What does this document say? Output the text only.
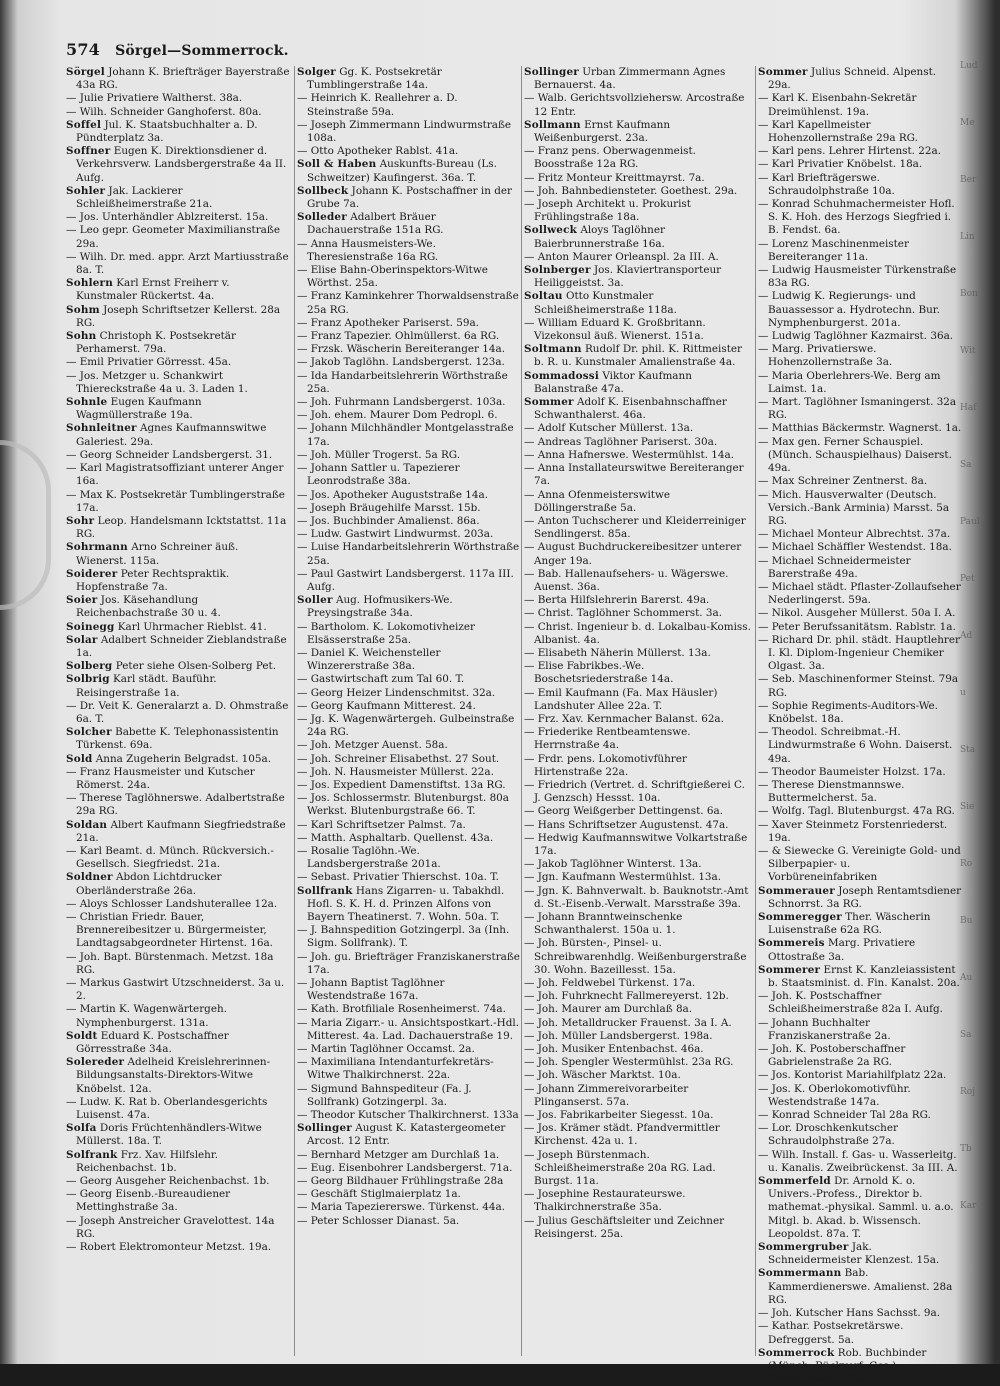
574 Sörgel—Sommerrock.

Sörgel Johann K. Briefträger Bayerstraße 43a RG.

— Julie Privatiere Waltherst. 38a.

— Wilh. Schneider Ganghoferst. 80a.

Soffel Jul. K. Staatsbuchhalter a. D. Pündterplatz 3a.

Soffner Eugen K. Direktionsdiener d. Verkehrsverw. Landsbergerstraße 4a II. Aufg.

Sohler Jak. Lackierer Schleißheimerstraße 21a.

— Jos. Unterhändler Ablzreiterst. 15a.

— Leo gepr. Geometer Maximilianstraße 29a.

— Wilh. Dr. med. appr. Arzt Martiusstraße 8a. T.

Sohlern Karl Ernst Freiherr v. Kunstmaler Rückertst. 4a.

Sohm Joseph Schriftsetzer Kellerst. 28a RG.

Sohn Christoph K. Postsekretär Perhamerst. 79a.

— Emil Privatier Görresst. 45a.

— Jos. Metzger u. Schankwirt Thiereckstraße 4a u. 3. Laden 1.

Sohnle Eugen Kaufmann Wagmüllerstraße 19a.

Sohnleitner Agnes Kaufmannswitwe Galeriest. 29a.

— Georg Schneider Landsbergerst. 31.

— Karl Magistratsoffiziant unterer Anger 16a.

— Max K. Postsekretär Tumblingerstraße 17a.

Sohr Leop. Handelsmann Icktstattst. 11a RG.

Sohrmann Arno Schreiner äuß. Wienerst. 115a.

Soiderer Peter Rechtspraktik. Hopfenstraße 7a.

Soier Jos. Käsehandlung Reichenbachstraße 30 u. 4.

Soinegg Karl Uhrmacher Rieblst. 41.

Solar Adalbert Schneider Zieblandstraße 1a.

Solberg Peter siehe Olsen-Solberg Pet.

Solbrig Karl städt. Bauführ. Reisingerstraße 1a.

— Dr. Veit K. Generalarzt a. D. Ohmstraße 6a. T.

Solcher Babette K. Telephonassistentin Türkenst. 69a.

Sold Anna Zugeherin Belgradst. 105a.

— Franz Hausmeister und Kutscher Römerst. 24a.

— Therese Taglöhnerswe. Adalbertstraße 29a RG.

Soldan Albert Kaufmann Siegfriedstraße 21a.

— Karl Beamt. d. Münch. Rückversich.-Gesellsch. Siegfriedst. 21a.

Soldner Abdon Lichtdrucker Oberländerstraße 26a.

— Aloys Schlosser Landshuterallee 12a.

— Christian Friedr. Bauer, Brennereibesitzer u. Bürgermeister, Landtagsabgeordneter Hirtenst. 16a.

— Joh. Bapt. Bürstenmach. Metzst. 18a RG.

— Markus Gastwirt Utzschneiderst. 3a u. 2.

— Martin K. Wagenwärtergeh. Nymphenburgerst. 131a.

Soldt Eduard K. Postschaffner Görresstraße 34a.

Solereder Adelheid Kreislehrerinnen-Bildungsanstalts-Direktors-Witwe Knöbelst. 12a.

— Ludw. K. Rat b. Oberlandesgerichts Luisenst. 47a.

Solfa Doris Früchtenhändlers-Witwe Müllerst. 18a. T.

Solfrank Frz. Xav. Hilfslehr. Reichenbachst. 1b.

— Georg Ausgeher Reichenbachst. 1b.

— Georg Eisenb.-Bureaudiener Mettinghstraße 3a.

— Joseph Anstreicher Gravelottest. 14a RG.

— Robert Elektromonteur Metzst. 19a.

Solger Gg. K. Postsekretär Tumblingerstraße 14a.

— Heinrich K. Reallehrer a. D. Steinstraße 59a.

— Joseph Zimmermann Lindwurmstraße 108a.

— Otto Apotheker Rablst. 41a.

Soll & Haben Auskunfts-Bureau (Ls. Schweitzer) Kaufingerst. 36a. T.

Sollbeck Johann K. Postschaffner in der Grube 7a.

Solleder Adalbert Bräuer Dachauerstraße 151a RG.

— Anna Hausmeisters-We. Theresienstraße 16a RG.

— Elise Bahn-Oberinspektors-Witwe Wörthst. 25a.

— Franz Kaminkehrer Thorwaldsenstraße 25a RG.

— Franz Apotheker Pariserst. 59a.

— Franz Tapezier. Ohlmüllerst. 6a RG.

— Frzsk. Wäscherin Bereiteranger 14a.

— Jakob Taglöhn. Landsbergerst. 123a.

— Ida Handarbeitslehrerin Wörthstraße 25a.

— Joh. Fuhrmann Landsbergerst. 103a.

— Joh. ehem. Maurer Dom Pedropl. 6.

— Johann Milchhändler Montgelasstraße 17a.

— Joh. Müller Trogerst. 5a RG.

— Johann Sattler u. Tapezierer Leonrodstraße 38a.

— Jos. Apotheker Auguststraße 14a.

— Joseph Bräugehilfe Marsst. 15b.

— Jos. Buchbinder Amalienst. 86a.

— Ludw. Gastwirt Lindwurmst. 203a.

— Luise Handarbeitslehrerin Wörthstraße 25a.

— Paul Gastwirt Landsbergerst. 117a III. Aufg.

Soller Aug. Hofmusikers-We. Preysingstraße 34a.

— Bartholom. K. Lokomotivheizer Elsässerstraße 25a.

— Daniel K. Weichensteller Winzererstraße 38a.

— Gastwirtschaft zum Tal 60. T.

— Georg Heizer Lindenschmitst. 32a.

— Georg Kaufmann Mitterest. 24.

— Jg. K. Wagenwärtergeh. Gulbeinstraße 24a RG.

— Joh. Metzger Auenst. 58a.

— Joh. Schreiner Elisabethst. 27 Sout.

— Joh. N. Hausmeister Müllerst. 22a.

— Jos. Expedient Damenstiftst. 13a RG.

— Jos. Schlossermstr. Blutenburgst. 80a Werkst. Blutenburgstraße 66. T.

— Karl Schriftsetzer Palmst. 7a.

— Matth. Asphaltarb. Quellenst. 43a.

— Rosalie Taglöhn.-We. Landsbergerstraße 201a.

— Sebast. Privatier Thierschst. 10a. T.

Sollfrank Hans Zigarren- u. Tabakhdl. Hofl. S. K. H. d. Prinzen Alfons von Bayern Theatinerst. 7. Wohn. 50a. T.

— J. Bahnspedition Gotzingerpl. 3a (Inh. Sigm. Sollfrank). T.

— Joh. gu. Briefträger Franziskanerstraße 17a.

— Johann Baptist Taglöhner Westendstraße 167a.

— Kath. Brotfiliale Rosenheimerst. 74a.

— Maria Zigarr.- u. Ansichtspostkart.-Hdl. Mitterest. 4a. Lad. Dachauerstraße 19.

— Martin Taglöhner Occamst. 2a.

— Maximiliana Intendanturfekretärs-Witwe Thalkirchnerst. 22a.

— Sigmund Bahnspediteur (Fa. J. Sollfrank) Gotzingerpl. 3a.

— Theodor Kutscher Thalkirchnerst. 133a

Sollinger August K. Katastergeometer Arcost. 12 Entr.

— Bernhard Metzger am Durchlaß 1a.

— Eug. Eisenbohrer Landsbergerst. 71a.

— Georg Bildhauer Frühlingstraße 28a

— Geschäft Stiglmaierplatz 1a.

— Maria Tapeziererswe. Türkenst. 44a.

— Peter Schlosser Dianast. 5a.

Sollinger Urban Zimmermann Agnes Bernauerst. 4a.

— Walb. Gerichtsvollziehersw. Arcostraße 12 Entr.

Sollmann Ernst Kaufmann Weißenburgerst. 23a.

— Franz pens. Oberwagenmeist. Boosstraße 12a RG.

— Fritz Monteur Kreittmayrst. 7a.

— Joh. Bahnbediensteter. Goethest. 29a.

— Joseph Architekt u. Prokurist Frühlingstraße 18a.

Sollweck Aloys Taglöhner Baierbrunnerstraße 16a.

— Anton Maurer Orleanspl. 2a III. A.

Solnberger Jos. Klaviertransporteur Heiliggeistst. 3a.

Soltau Otto Kunstmaler Schleißheimerstraße 118a.

— William Eduard K. Großbritann. Vizekonsul äuß. Wienerst. 151a.

Soltmann Rudolf Dr. phil. K. Rittmeister b. R. u. Kunstmaler Amalienstraße 4a.

Sommadossi Viktor Kaufmann Balanstraße 47a.

Sommer Adolf K. Eisenbahnschaffner Schwanthalerst. 46a.

— Adolf Kutscher Müllerst. 13a.

— Andreas Taglöhner Pariserst. 30a.

— Anna Hafnerswe. Westermühlst. 14a.

— Anna Installateurswitwe Bereiteranger 7a.

— Anna Ofenmeisterswitwe Döllingerstraße 5a.

— Anton Tuchscherer und Kleiderreiniger Sendlingerst. 85a.

— August Buchdruckereibesitzer unterer Anger 19a.

— Bab. Hallenaufsehers- u. Wägerswe. Auenst. 36a.

— Berta Hilfslehrerin Barerst. 49a.

— Christ. Taglöhner Schommerst. 3a.

— Christ. Ingenieur b. d. Lokalbau-Komiss. Albanist. 4a.

— Elisabeth Näherin Müllerst. 13a.

— Elise Fabrikbes.-We. Boschetsriederstraße 14a.

— Emil Kaufmann (Fa. Max Häusler) Landshuter Allee 22a. T.

— Frz. Xav. Kernmacher Balanst. 62a.

— Friederike Rentbeamtenswe. Herrnstraße 4a.

— Frdr. pens. Lokomotivführer Hirtenstraße 22a.

— Friedrich (Vertret. d. Schriftgießerei C. J. Genzsch) Hessst. 10a.

— Georg Weißgerber Dettingenst. 6a.

— Hans Schriftsetzer Augustenst. 47a.

— Hedwig Kaufmannswitwe Volkartstraße 17a.

— Jakob Taglöhner Winterst. 13a.

— Jgn. Kaufmann Westermühlst. 13a.

— Jgn. K. Bahnverwalt. b. Bauknotstr.-Amt d. St.-Eisenb.-Verwalt. Marsstraße 39a.

— Johann Branntweinschenke Schwanthalerst. 150a u. 1.

— Joh. Bürsten-, Pinsel- u. Schreibwarenhdlg. Weißenburgerstraße 30. Wohn. Bazeillesst. 15a.

— Joh. Feldwebel Türkenst. 17a.

— Joh. Fuhrknecht Fallmereyerst. 12b.

— Joh. Maurer am Durchlaß 8a.

— Joh. Metalldrucker Frauenst. 3a I. A.

— Joh. Müller Landsbergerst. 198a.

— Joh. Musiker Entenbachst. 46a.

— Joh. Spengler Westermühlst. 23a RG.

— Joh. Wäscher Marktst. 10a.

— Johann Zimmereivorarbeiter Plinganserst. 57a.

— Jos. Fabrikarbeiter Siegesst. 10a.

— Jos. Krämer städt. Pfandvermittler Kirchenst. 42a u. 1.

— Joseph Bürstenmach. Schleißheimerstraße 20a RG. Lad. Burgst. 11a.

— Josephine Restaurateurswe. Thalkirchnerstraße 35a.

— Julius Geschäftsleiter und Zeichner Reisingerst. 25a.

Sommer Julius Schneid. Alpenst. 29a.

— Karl K. Eisenbahn-Sekretär Dreimühlenst. 19a.

— Karl Kapellmeister Hohenzollernstraße 29a RG.

— Karl pens. Lehrer Hirtenst. 22a.

— Karl Privatier Knöbelst. 18a.

— Karl Briefträgerswe. Schraudolphstraße 10a.

— Konrad Schuhmachermeister Hofl. S. K. Hoh. des Herzogs Siegfried i. B. Fendst. 6a.

— Lorenz Maschinenmeister Bereiteranger 11a.

— Ludwig Hausmeister Türkenstraße 83a RG.

— Ludwig K. Regierungs- und Bauassessor a. Hydrotechn. Bur. Nymphenburgerst. 201a.

— Ludwig Taglöhner Kazmairst. 36a.

— Marg. Privatierswe. Hohenzollernstraße 3a.

— Maria Oberlehrers-We. Berg am Laimst. 1a.

— Mart. Taglöhner Ismaningerst. 32a RG.

— Matthias Bäckermstr. Wagnerst. 1a.

— Max gen. Ferner Schauspiel. (Münch. Schauspielhaus) Daiserst. 49a.

— Max Schreiner Zentnerst. 8a.

— Mich. Hausverwalter (Deutsch. Versich.-Bank Arminia) Marsst. 5a RG.

— Michael Monteur Albrechtst. 37a.

— Michael Schäffler Westendst. 18a.

— Michael Schneidermeister Barerstraße 49a.

— Michael städt. Pflaster-Zollaufseher Nederlingerst. 59a.

— Nikol. Ausgeher Müllerst. 50a I. A.

— Peter Berufssanitätsm. Rablstr. 1a.

— Richard Dr. phil. städt. Hauptlehrer I. Kl. Diplom-Ingenieur Chemiker Olgast. 3a.

— Seb. Maschinenformer Steinst. 79a RG.

— Sophie Regiments-Auditors-We. Knöbelst. 18a.

— Theodol. Schreibmat.-H. Lindwurmstraße 6 Wohn. Daiserst. 49a.

— Theodor Baumeister Holzst. 17a.

— Therese Dienstmannswe. Buttermelcherst. 5a.

— Wolfg. Tagl. Blutenburgst. 47a RG.

— Xaver Steinmetz Forstenriederst. 19a.

— & Siewecke G. Vereinigte Gold- und Silberpapier- u. Vorbüreneinfabriken

Sommerauer Joseph Rentamtsdiener Schnorrst. 3a RG.

Sommeregger Ther. Wäscherin Luisenstraße 62a RG.

Sommereis Marg. Privatiere Ottostraße 3a.

Sommerer Ernst K. Kanzleiassistent b. Staatsminist. d. Fin. Kanalst. 20a.

— Joh. K. Postschaffner Schleißheimerstraße 82a I. Aufg.

— Johann Buchhalter Franziskanerstraße 2a.

— Joh. K. Postoberschaffner Gabrielenstraße 2a RG.

— Jos. Kontorist Mariahilfplatz 22a.

— Jos. K. Oberlokomotivführ. Westendstraße 147a.

— Konrad Schneider Tal 28a RG.

— Lor. Droschkenkutscher Schraudolphstraße 27a.

— Wilh. Install. f. Gas- u. Wasserleitg. u. Kanalis. Zweibrückenst. 3a III. A.

Sommerfeld Dr. Arnold K. o. Univers.-Profess., Direktor b. mathemat.-physikal. Samml. u. a.o. Mitgl. b. Akad. b. Wissensch. Leopoldst. 87a. T.

Sommergruber Jak. Schneidermeister Klenzest. 15a.

Sommermann Bab. Kammerdienerswe. Amalienst. 28a RG.

— Joh. Kutscher Hans Sachsst. 9a.

— Kathar. Postsekretärswe. Defreggerst. 5a.

Sommerrock Rob. Buchbinder (Münch. Rückverf.-Ges.) Dreimühlenst. 15a.

Lud
Me
Ber
Lin
Bon
Wit
Haf
Sa
Paul
Pet
Ad
u
Sta
Sie
Ro
Bu
Au
Sa
Roj
Tb
Kar
